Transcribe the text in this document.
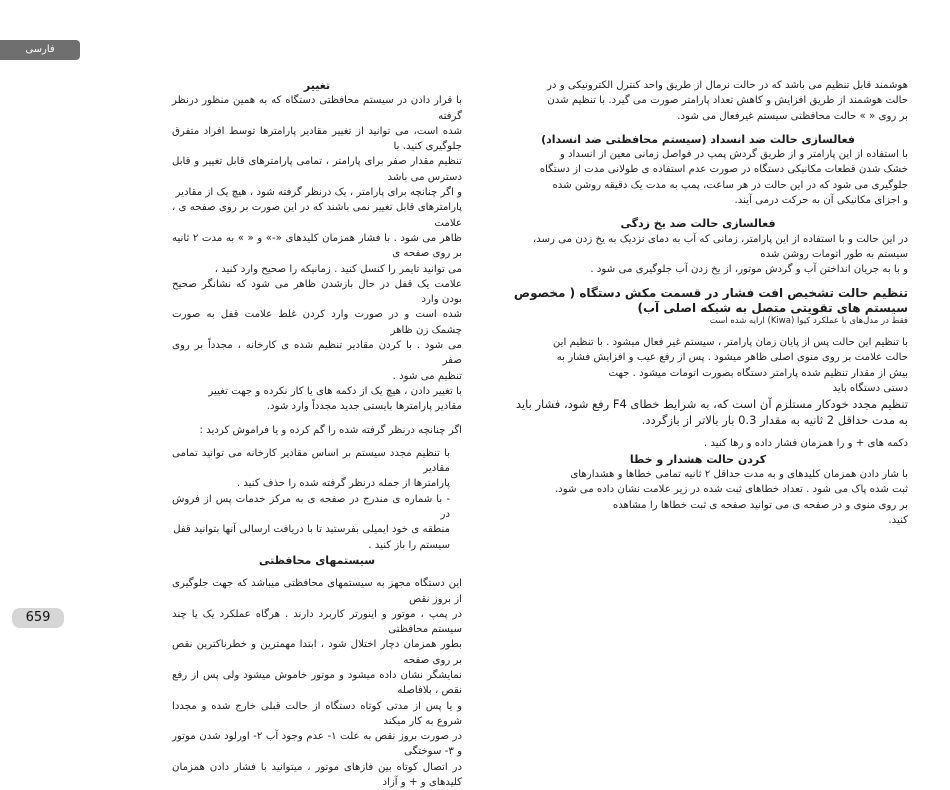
فارسی

تغییر

با قرار دادن در سیستم محافظتی دستگاه که به همین منظور درنظر گرفته

شده است، می توانید از تغییر مقادیر پارامترها توسط افراد متفرق جلوگیری کنید. با

تنظیم مقدار صفر برای پارامتر ، تمامی پارامترهای قابل تغییر و قابل دسترس می باشد

و اگر چنانچه برای پارامتر ، یک درنظر گرفته شود ، هیچ یک از مقادیر

پارامترهای قابل تغییر نمی باشند که در این صورت بر روی صفحه ی ، علامت

ظاهر می شود . با فشار همزمان کلیدهای «-» و « » به مدت ٢ ثانیه بر روی صفحه ی

می توانید تایمر را کنسل کنید . زمانیکه را صحیح وارد کنید ،

علامت یک قفل در حال بازشدن ظاهر می شود که نشانگر صحیح بودن وارد

شده است و در صورت وارد کردن غلط علامت قفل به صورت چشمک زن ظاهر

می شود . با کردن مقادیر تنظیم شده ی کارخانه ، مجدداً بر روی صفر

تنظیم می شود .

با تغییر دادن ، هیچ یک از دکمه های یا کار نکرده و جهت تغییر

مقادیر پارامترها بایستی جدید مجدداً وارد شود.

اگر چنانچه درنظر گرفته شده را گم کرده و یا فراموش کردید :

با تنظیم مجدد سیستم بر اساس مقادیر کارخانه می توانید تمامی مقادیر

پارامترها از جمله درنظر گرفته شده را حذف کنید .

- با شماره ی مندرج در صفحه ی به مرکز خدمات پس از فروش در

منطقه ی خود ایمیلی بفرستید تا با دریافت ارسالی آنها بتوانید قفل

سیستم را باز کنید .

سیستمهای محافظتی

این دستگاه مجهز به سیستمهای محافظتی میباشد که جهت جلوگیری از بروز نقص

در پمپ ، موتور و اینورتر کاربرد دارند . هرگاه عملکرد یک یا چند سیستم محافظتی

بطور همزمان دچار اختلال شود ، ابتدا مهمترین و خطرناکترین نقص بر روی صفحه

نمایشگر نشان داده میشود و موتور خاموش میشود ولی پس از رفع نقص ، بلافاصله

و یا پس از مدتی کوتاه دستگاه از حالت قبلی خارج شده و مجددا شروع به کار میکند

در صورت بروز نقص به علت ١- عدم وجود آب ٢- اورلود شدن موتور و ٣- سوختگی

در اتصال کوتاه بین فازهای موتور ، میتوانید با فشار دادن همزمان کلیدهای و + و آزاد

هوشمند قابل تنظیم می باشد که در حالت نرمال از طریق واحد کنترل الکترونیکی و در

حالت هوشمند از طریق افزایش و کاهش تعداد پارامتر صورت می گیرد. با تنظیم شدن

بر روی « » حالت محافظتی سیستم غیرفعال می شود.

فعالسازی حالت ضد انسداد (سیستم محافظتی ضد انسداد)

با استفاده از این پارامتر و از طریق گردش پمپ در فواصل زمانی معین از انسداد و

خشک شدن قطعات مکانیکی دستگاه در صورت عدم استفاده ی طولانی مدت از دستگاه

جلوگیری می شود که در این حالت در هر ساعت، پمپ به مدت یک دقیقه روشن شده

و اجزای مکانیکی آن به حرکت درمی آیند.

فعالسازی حالت ضد یخ زدگی

در این حالت و با استفاده از این پارامتر، زمانی که آب به دمای نزدیک به یخ زدن می رسد،

سیستم به طور اتومات روشن شده

و با به جریان انداختن آب و گردش موتور، از یخ زدن آب جلوگیری می شود .

تنظیم حالت تشخیص افت فشار در قسمت مکش دستگاه ( مخصوص

سیستم های تقویتی متصل به شبکه اصلی آب)

فقط در مدل‌های با عملکرد کیوا (Kiwa) ارایه شده است

با تنظیم این حالت پس از پایان زمان پارامتر ، سیستم غیر فعال میشود . با تنظیم این

حالت علامت بر روی منوی اصلی ظاهر میشود . پس از رفع عیب و افزایش فشار به

بیش از مقدار تنظیم شده پارامتر دستگاه بصورت اتومات میشود . جهت

دستی دستگاه باید

تنظیم مجدد خودکار مستلزم آن است که، به شرایط خطای F4 رفع شود، فشار باید

به مدت حداقل 2 ثانیه به مقدار 0.3 بار بالاتر از بازگردد.

دکمه های + و را همزمان فشار داده و رها کنید .

کردن حالت هشدار و خطا

با شار دادن همزمان کلیدهای و به مدت حداقل ٢ ثانیه تمامی خطاها و هشدارهای

ثبت شده پاک می شود . تعداد خطاهای ثبت شده در زیر علامت نشان داده می شود.

بر روی منوی و در صفحه ی می توانید صفحه ی ثبت خطاها را مشاهده

کنید.

659
